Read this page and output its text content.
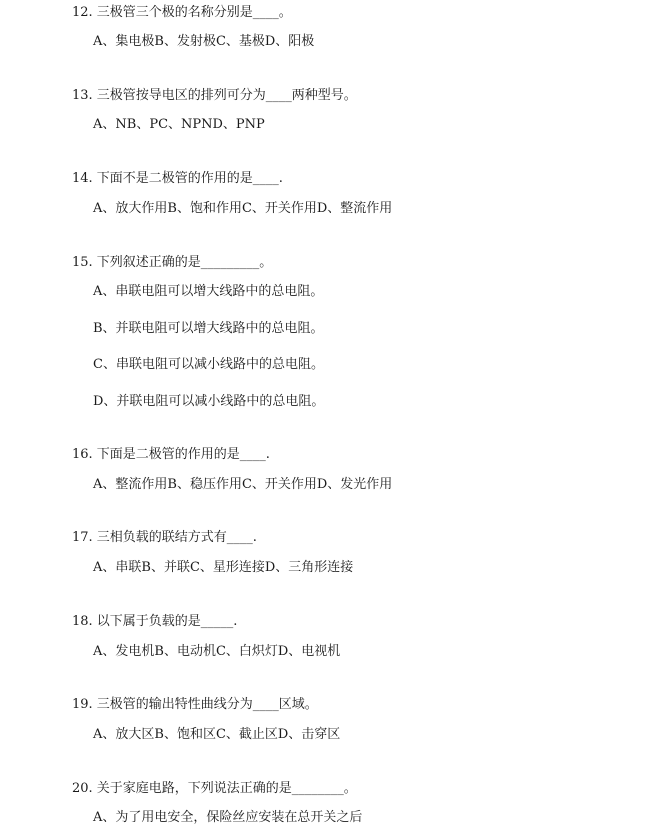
12. 三极管三个极的名称分别是____。
A、集电极B、发射极C、基极D、阳极
13. 三极管按导电区的排列可分为____两种型号。
A、NB、PC、NPND、PNP
14. 下面不是二极管的作用的是____.
A、放大作用B、饱和作用C、开关作用D、整流作用
15. 下列叙述正确的是_________。
A、串联电阻可以增大线路中的总电阻。
B、并联电阻可以增大线路中的总电阻。
C、串联电阻可以减小线路中的总电阻。
D、并联电阻可以减小线路中的总电阻。
16. 下面是二极管的作用的是____.
A、整流作用B、稳压作用C、开关作用D、发光作用
17. 三相负载的联结方式有____.
A、串联B、并联C、星形连接D、三角形连接
18. 以下属于负载的是_____.
A、发电机B、电动机C、白炽灯D、电视机
19. 三极管的输出特性曲线分为____区域。
A、放大区B、饱和区C、截止区D、击穿区
20. 关于家庭电路，下列说法正确的是________。
A、为了用电安全，保险丝应安装在总开关之后
